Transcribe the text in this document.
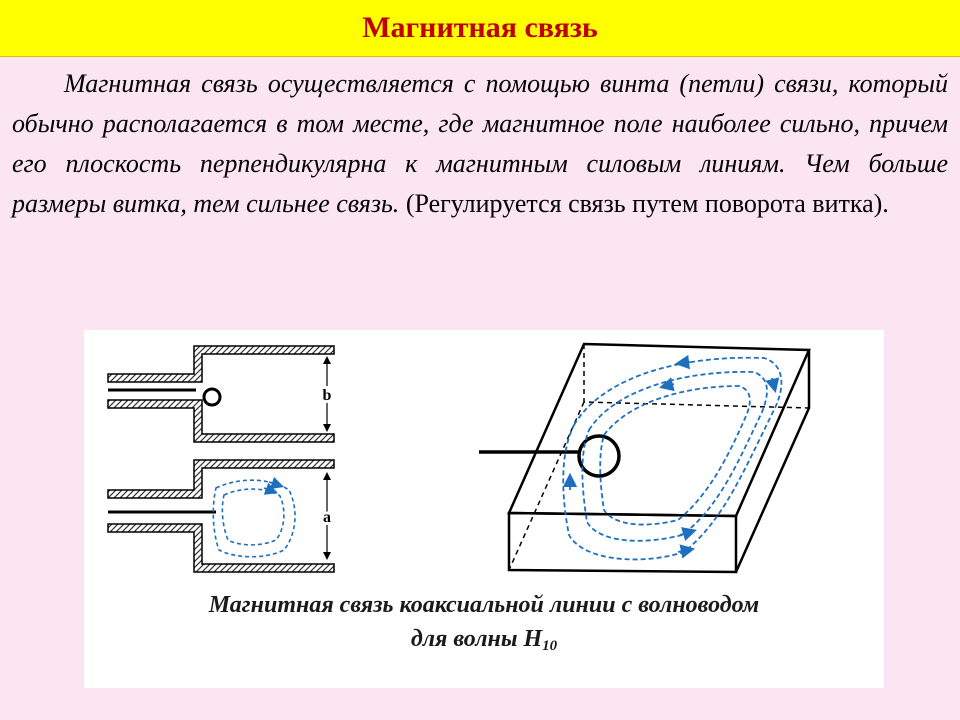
Магнитная связь
Магнитная связь осуществляется с помощью винта (петли) связи, который обычно располагается в том месте, где магнитное поле наиболее сильно, причем его плоскость перпендикулярна к магнитным силовым линиям. Чем больше размеры витка, тем сильнее связь. (Регулируется связь путем поворота витка).
b
a
Магнитная связь коаксиальной линии с волноводом
для волны $H_{10}$
